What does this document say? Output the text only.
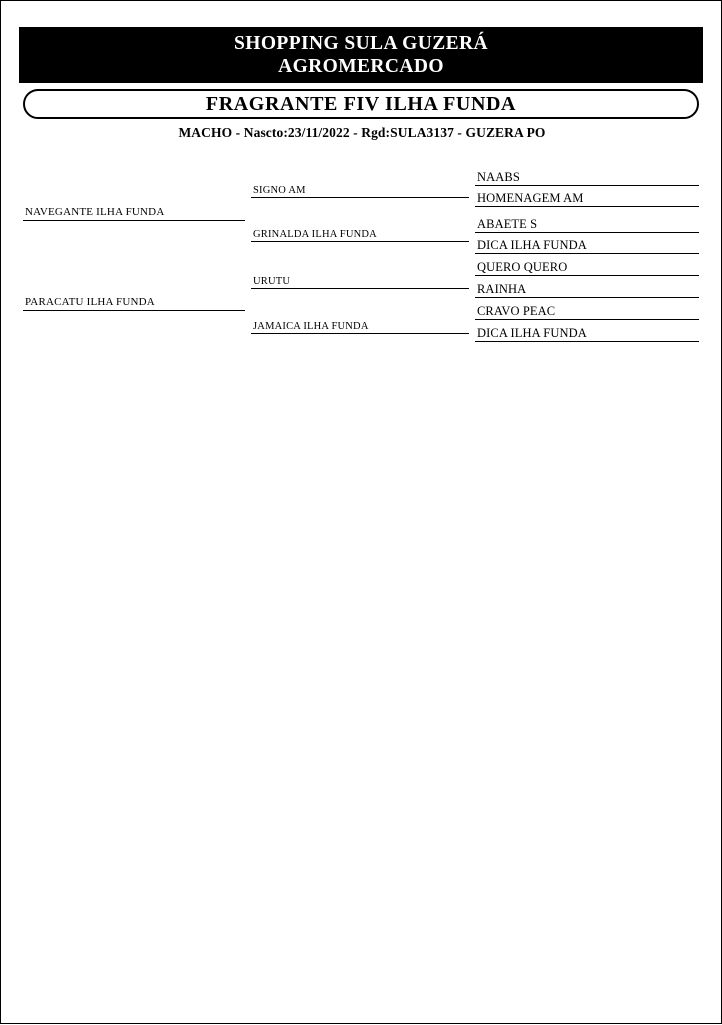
SHOPPING SULA GUZERÁ
AGROMERCADO
FRAGRANTE FIV ILHA FUNDA
MACHO - Nascto:23/11/2022 - Rgd:SULA3137 - GUZERA PO
NAVEGANTE ILHA FUNDA
PARACATU ILHA FUNDA
SIGNO AM
GRINALDA ILHA FUNDA
URUTU
JAMAICA ILHA FUNDA
NAABS
HOMENAGEM AM
ABAETE S
DICA ILHA FUNDA
QUERO QUERO
RAINHA
CRAVO PEAC
DICA ILHA FUNDA
